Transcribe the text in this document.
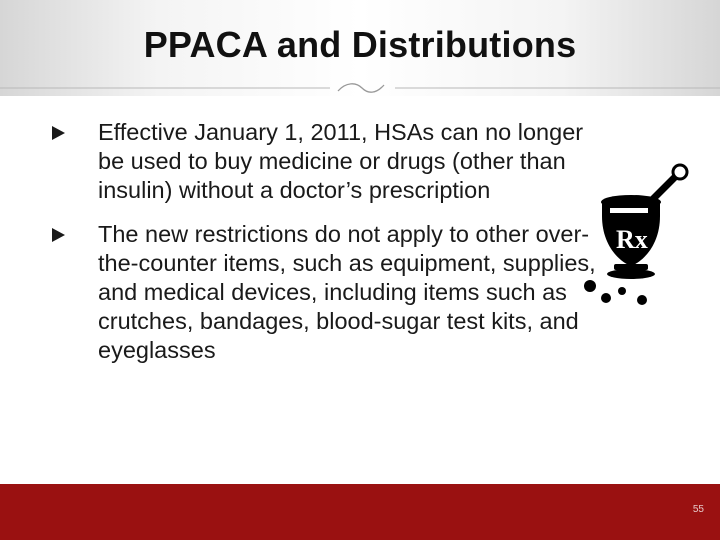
PPACA and Distributions
Effective January 1, 2011, HSAs can no longer be used to buy medicine or drugs (other than insulin) without a doctor’s prescription
The new restrictions do not apply to other over-the-counter items, such as equipment, supplies, and medical devices, including items such as crutches, bandages, blood-sugar test kits, and eyeglasses
Rx
55
